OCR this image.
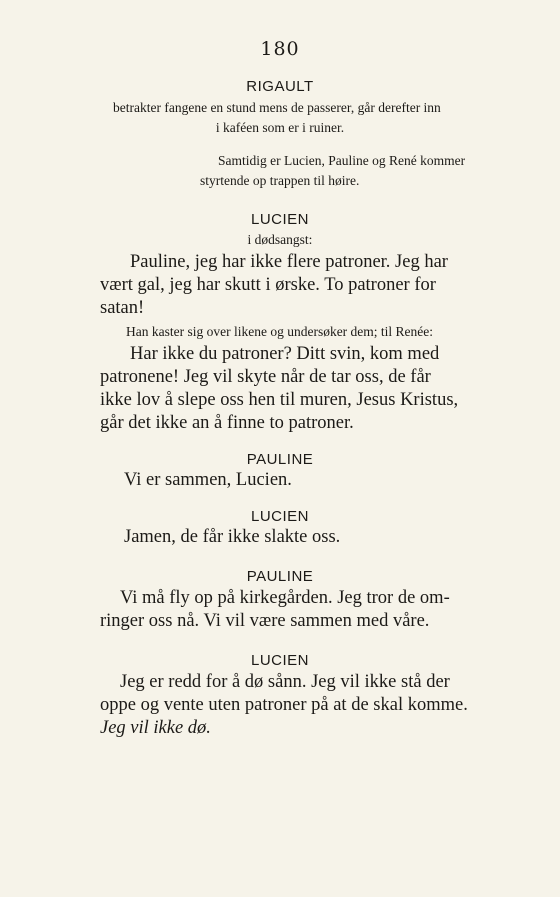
180
RIGAULT
betrakter fangene en stund mens de passerer, går derefter inn
i kaféen som er i ruiner.
Samtidig er Lucien, Pauline og René kommer
styrtende op trappen til høire.
LUCIEN
i dødsangst:
Pauline, jeg har ikke flere patroner. Jeg har
vært gal, jeg har skutt i ørske. To patroner for
satan!
Han kaster sig over likene og undersøker dem; til Renée:
Har ikke du patroner? Ditt svin, kom med
patronene! Jeg vil skyte når de tar oss, de får
ikke lov å slepe oss hen til muren, Jesus Kristus,
går det ikke an å finne to patroner.
PAULINE
Vi er sammen, Lucien.
LUCIEN
Jamen, de får ikke slakte oss.
PAULINE
Vi må fly op på kirkegården. Jeg tror de om-
ringer oss nå. Vi vil være sammen med våre.
LUCIEN
Jeg er redd for å dø sånn. Jeg vil ikke stå der
oppe og vente uten patroner på at de skal komme.
Jeg vil ikke dø.
